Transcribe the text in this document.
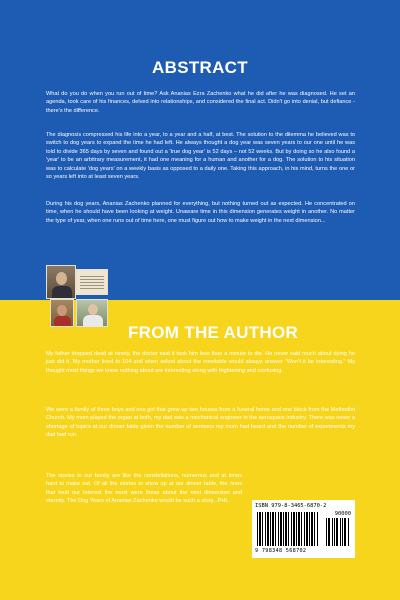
ABSTRACT

What do you do when you run out of time? Ask Ananias Ezra Zachenko what he did after he was diagnosed. He set an agenda, took care of his finances, delved into relationships, and considered the final act. Didn't go into denial, but defiance - there's the difference.

The diagnosis compressed his life into a year, to a year and a half, at best. The solution to the dilemma he believed was to switch to dog years to expand the time he had left. He always thought a dog year was seven years to our one until he was told to divide 365 days by seven and found out a 'true dog year' is 52 days – not 52 weeks. But by doing so he also found a 'year' to be an arbitrary measurement, it had one meaning for a human and another for a dog. The solution to his situation was to calculate 'dog years' on a weekly basis as opposed to a daily one. Taking this approach, in his mind, turns the one or so years left into at least seven years.

During his dog years, Ananias Zachenko planned for everything, but nothing turned out as expected. He concentrated on time, when he should have been looking at weight. Unaware time in this dimension generates weight in another. No matter the type of year, when one runs out of time here, one must figure out how to make weight in the next dimension...

FROM THE AUTHOR

My father dropped dead at ninety, the doctor said it took him less than a minute to die. He never said much about dying he just did it. My mother lived to 104 and when asked about the inevitable would always answer "Won't it be interesting." My thought most things we know nothing about are interesting along with frightening and confusing.

We were a family of three boys and one girl that grew up two houses from a funeral home and one block from the Methodist Church. My mom played the organ at both, my dad was a mechanical engineer in the aerospace industry. There was never a shortage of topics at our dinner table given the number of sermons my mom had heard and the number of experiments my dad had run.

The stories in our family are like the constellations, numerous and at times hard to make out. Of all the stories to show up at our dinner table, the ones that held our interest the most were those about the next dimension and eternity. The Dog Years of Ananias Zachenko would be such a story...PHL

ISBN 979-8-3465-6870-2
90000
9 798348 568702
